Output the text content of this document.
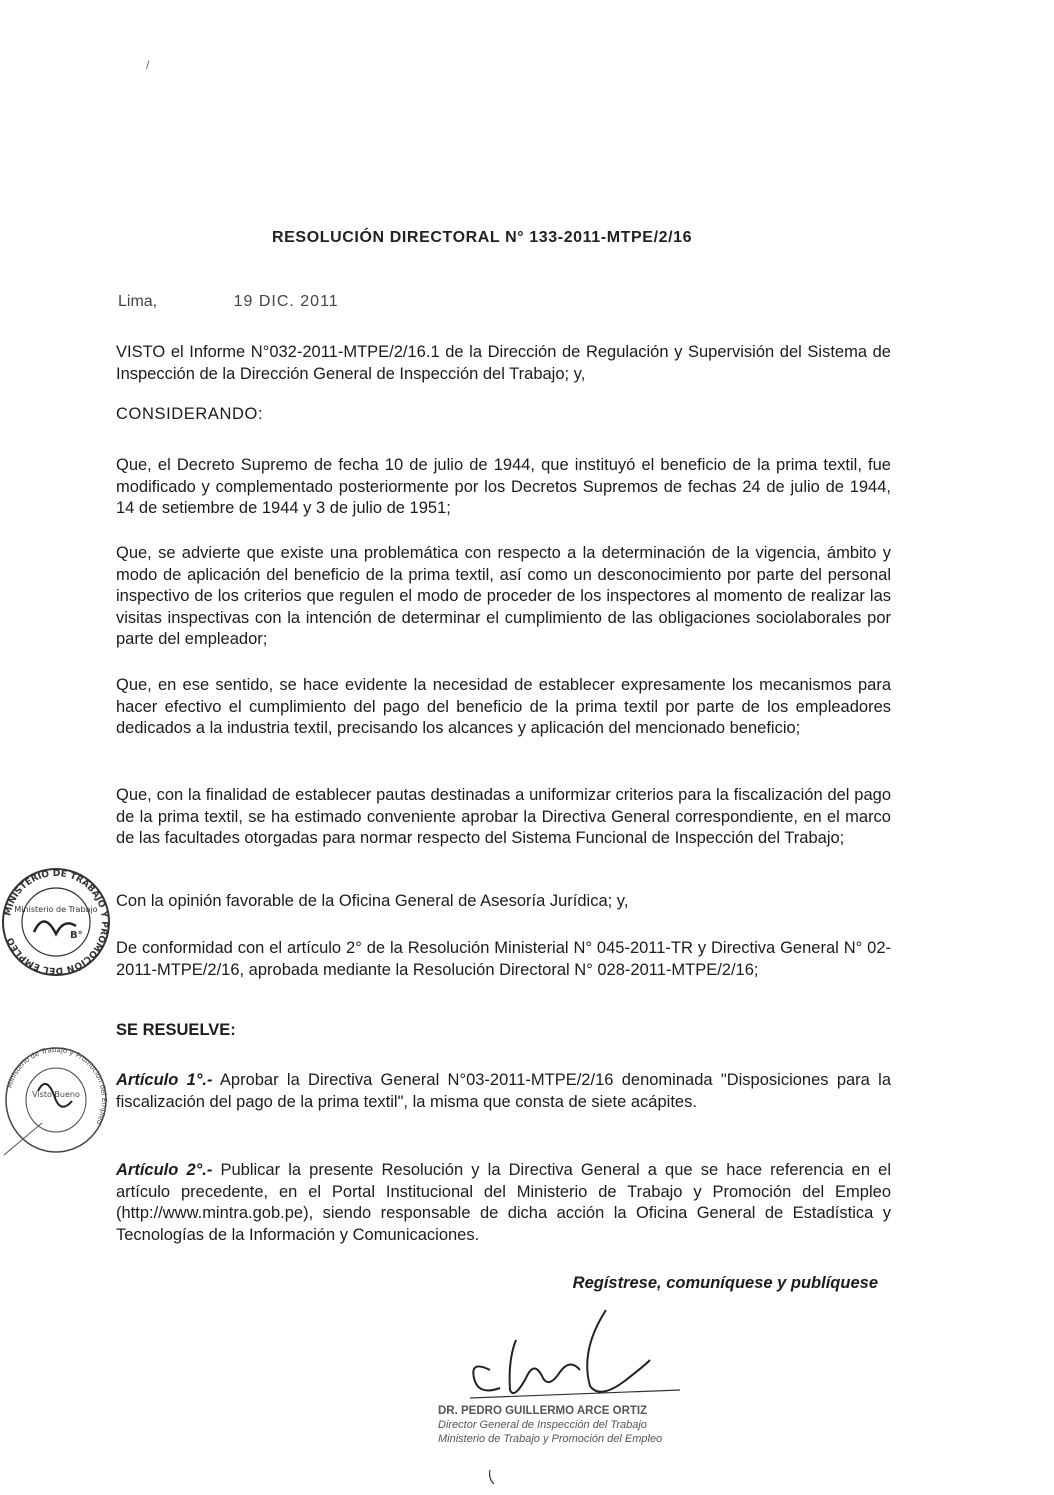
/
RESOLUCIÓN DIRECTORAL N° 133-2011-MTPE/2/16
Lima,	19 DIC. 2011
VISTO el Informe N°032-2011-MTPE/2/16.1 de la Dirección de Regulación y Supervisión del Sistema de Inspección de la Dirección General de Inspección del Trabajo; y,
CONSIDERANDO:
Que, el Decreto Supremo de fecha 10 de julio de 1944, que instituyó el beneficio de la prima textil, fue modificado y complementado posteriormente por los Decretos Supremos de fechas 24 de julio de 1944, 14 de setiembre de 1944 y 3 de julio de 1951;
Que, se advierte que existe una problemática con respecto a la determinación de la vigencia, ámbito y modo de aplicación del beneficio de la prima textil, así como un desconocimiento por parte del personal inspectivo de los criterios que regulen el modo de proceder de los inspectores al momento de realizar las visitas inspectivas con la intención de determinar el cumplimiento de las obligaciones sociolaborales por parte del empleador;
Que, en ese sentido, se hace evidente la necesidad de establecer expresamente los mecanismos para hacer efectivo el cumplimiento del pago del beneficio de la prima textil por parte de los empleadores dedicados a la industria textil, precisando los alcances y aplicación del mencionado beneficio;
Que, con la finalidad de establecer pautas destinadas a uniformizar criterios para la fiscalización del pago de la prima textil, se ha estimado conveniente aprobar la Directiva General correspondiente, en el marco de las facultades otorgadas para normar respecto del Sistema Funcional de Inspección del Trabajo;
Con la opinión favorable de la Oficina General de Asesoría Jurídica; y,
De conformidad con el artículo 2° de la Resolución Ministerial N° 045-2011-TR y Directiva General N° 02-2011-MTPE/2/16, aprobada mediante la Resolución Directoral N° 028-2011-MTPE/2/16;
SE RESUELVE:
Artículo 1°.- Aprobar la Directiva General N°03-2011-MTPE/2/16 denominada "Disposiciones para la fiscalización del pago de la prima textil", la misma que consta de siete acápites.
Artículo 2°.- Publicar la presente Resolución y la Directiva General a que se hace referencia en el artículo precedente, en el Portal Institucional del Ministerio de Trabajo y Promoción del Empleo (http://www.mintra.gob.pe), siendo responsable de dicha acción la Oficina General de Estadística y Tecnologías de la Información y Comunicaciones.
Regístrese, comuníquese y publíquese
MINISTERIO DE TRABAJO Y PROMOCIÓN DEL EMPLEO
Ministerio de Trabajo
B°
Ministerio de Trabajo y Promoción del Empleo
Visto Bueno
DR. PEDRO GUILLERMO ARCE ORTIZ
Director General de Inspección del Trabajo
Ministerio de Trabajo y Promoción del Empleo
